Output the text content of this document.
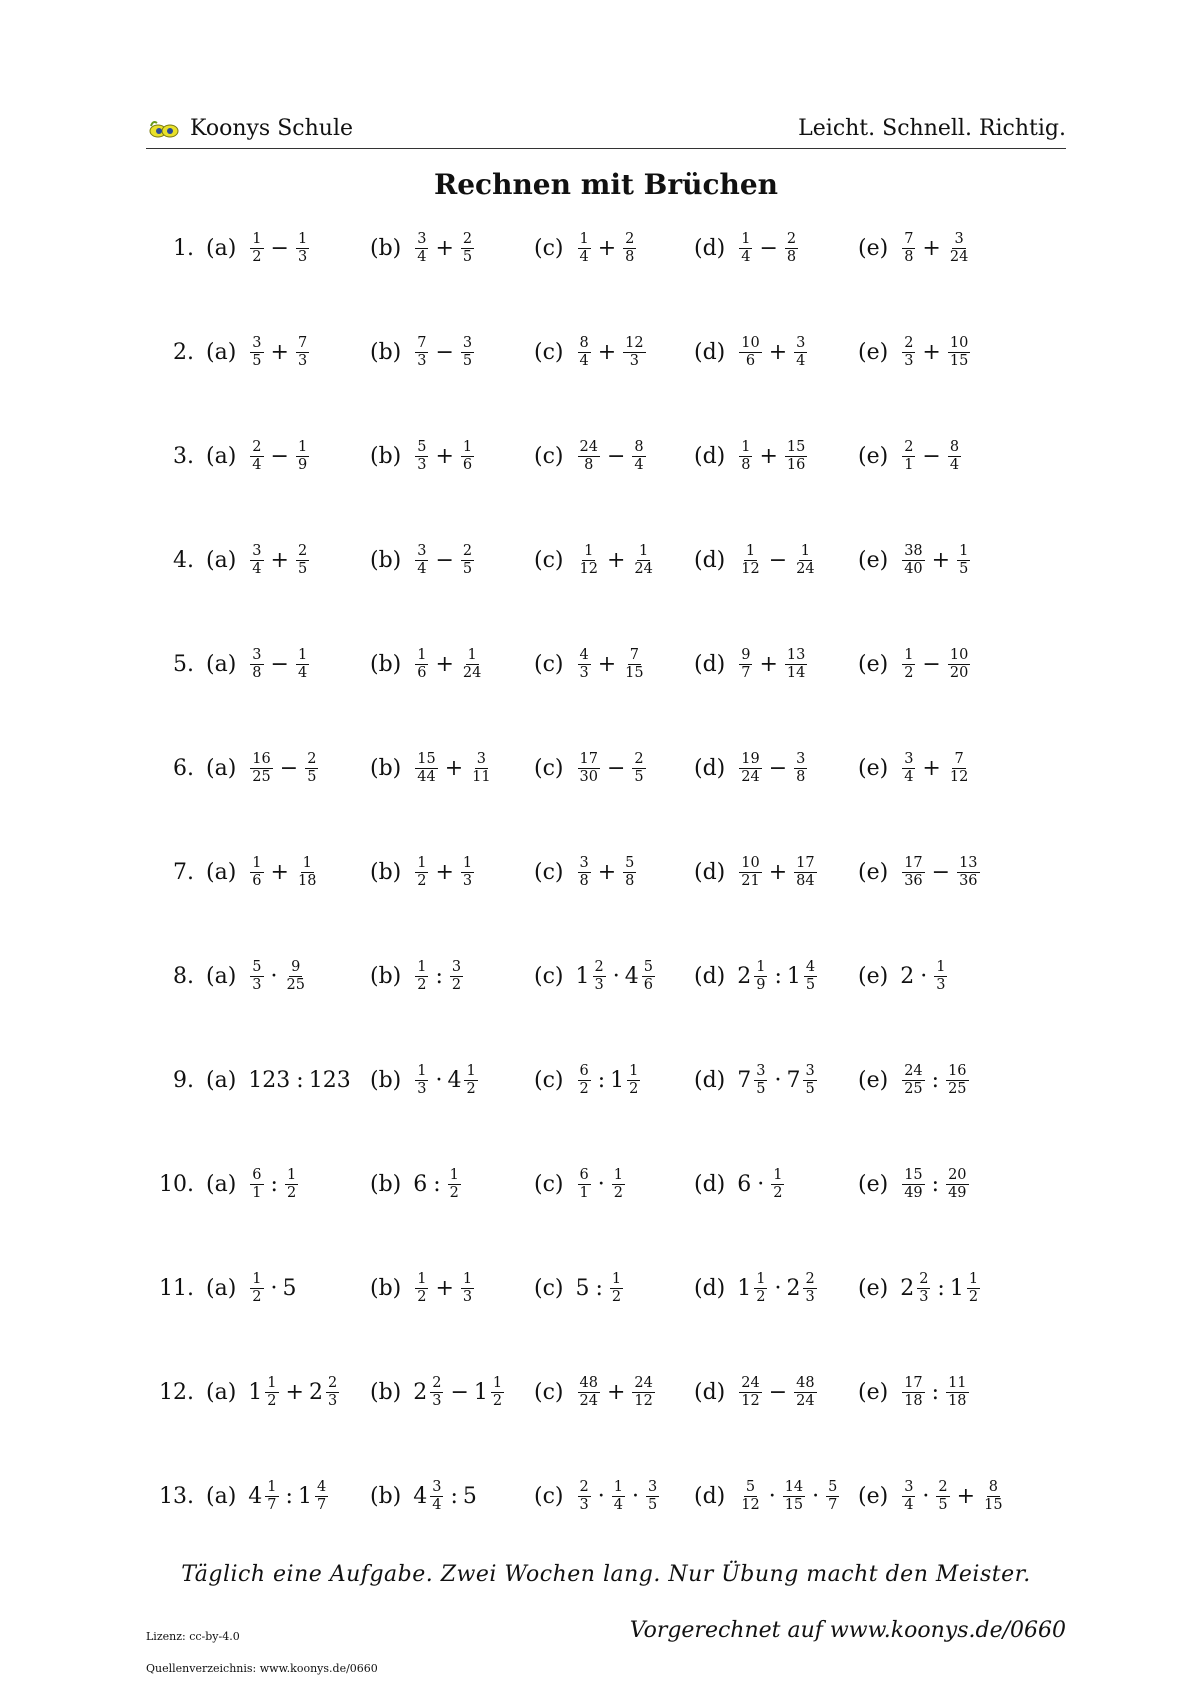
Koonys Schule	Leicht. Schnell. Richtig.
Rechnen mit Brüchen
1. $(a) \frac{1}{2} - \frac{1}{3}$	$(b) \frac{3}{4} + \frac{2}{5}$	$(c) \frac{1}{4} + \frac{2}{8}$	$(d) \frac{1}{4} - \frac{2}{8}$	$(e) \frac{7}{8} + \frac{3}{24}$
2. $(a) \frac{3}{5} + \frac{7}{3}$	$(b) \frac{7}{3} - \frac{3}{5}$	$(c) \frac{8}{4} + \frac{12}{3} (d) \frac{10}{6} + \frac{3}{4} (e) \frac{2}{3} + \frac{10}{15}$
3. $(a) \frac{2}{4} - \frac{1}{9}$	$(b) \frac{5}{3} + \frac{1}{6}$	$(c) \frac{24}{8} - \frac{8}{4} (d) \frac{1}{8} + \frac{15}{16} (e) \frac{2}{1} - \frac{8}{4}$
4. $(a) \frac{3}{4} + \frac{2}{5}$	$(b) \frac{3}{4} - \frac{2}{5}$	$(c) \frac{1}{12} + \frac{1}{24} (d) \frac{1}{12} - \frac{1}{24} (e) \frac{38}{40} + \frac{1}{5}$
5. $(a) \frac{3}{8} - \frac{1}{4}$	$(b) \frac{1}{6} + \frac{1}{24} (c) \frac{4}{3} + \frac{7}{15} (d) \frac{9}{7} + \frac{13}{14} (e) \frac{1}{2} - \frac{10}{20}$
6. $(a) \frac{16}{25} - \frac{2}{5} (b) \frac{15}{44} + \frac{3}{11} (c) \frac{17}{30} - \frac{2}{5} (d) \frac{19}{24} - \frac{3}{8} (e) \frac{3}{4} + \frac{7}{12}$
7. $(a) \frac{1}{6} + \frac{1}{18} (b) \frac{1}{2} + \frac{1}{3}$	$(c) \frac{3}{8} + \frac{5}{8}$	$(d) \frac{10}{21} + \frac{17}{84} (e) \frac{17}{36} - \frac{13}{36}$
8. $(a) \frac{5}{3} \cdot \frac{9}{25}$	$(b) \frac{1}{2}$ : $\frac{3}{2}$	(c) $1 \frac{2}{3} \cdot 4 \frac{5}{6} (d)$ $2 \frac{1}{9}$ : $1 \frac{4}{5} (e) 2 \cdot \frac{1}{3}$
9. (a) 123 : 123 $(b) \frac{1}{3} \cdot 4 \frac{1}{2}$	$(c) \frac{6}{2}$ : $1 \frac{1}{2} (d)$ $7 \frac{3}{5} \cdot 7 \frac{3}{5} (e) \frac{24}{25}$ : $\frac{16}{25}$
10. $(a) \frac{6}{1}$ : $\frac{1}{2}$	(b) 6 : $\frac{1}{2}$	$(c) \frac{6}{1} \cdot \frac{1}{2}$	(d) $6 \cdot \frac{1}{2}$	$(e) \frac{15}{49}$ : $\frac{20}{49}$
11. $(a) \frac{1}{2} \cdot 5$	$(b) \frac{1}{2} + \frac{1}{3}$	(c) 5 : $\frac{1}{2}$	(d) $1 \frac{1}{2} \cdot 2 \frac{2}{3} (e)$ $2 \frac{2}{3}$ : $1 \frac{1}{2}$
12. (a) $1 \frac{1}{2} + 2 \frac{2}{3} (b)$ $2 \frac{2}{3} - 1 \frac{1}{2} (c) \frac{48}{24} + \frac{24}{12} (d) \frac{24}{12} - \frac{48}{24} (e) \frac{17}{18}$ : $\frac{11}{18}$
13. (a) $4 \frac{1}{7}$ : $1 \frac{4}{7} (b)$ $4 \frac{3}{4}$ : 5	$(c) \frac{2}{3} \cdot \frac{1}{4} \cdot \frac{3}{5} (d) \frac{5}{12} \cdot \frac{14}{15} \cdot \frac{5}{7} (e) \frac{3}{4} \cdot \frac{2}{5} + \frac{8}{15}$
Täglich eine Aufgabe. Zwei Wochen lang. Nur Übung macht den Meister.
Lizenz: cc-by-4.0	Vorgerechnet auf www.koonys.de/0660
Quellenverzeichnis: www.koonys.de/0660
